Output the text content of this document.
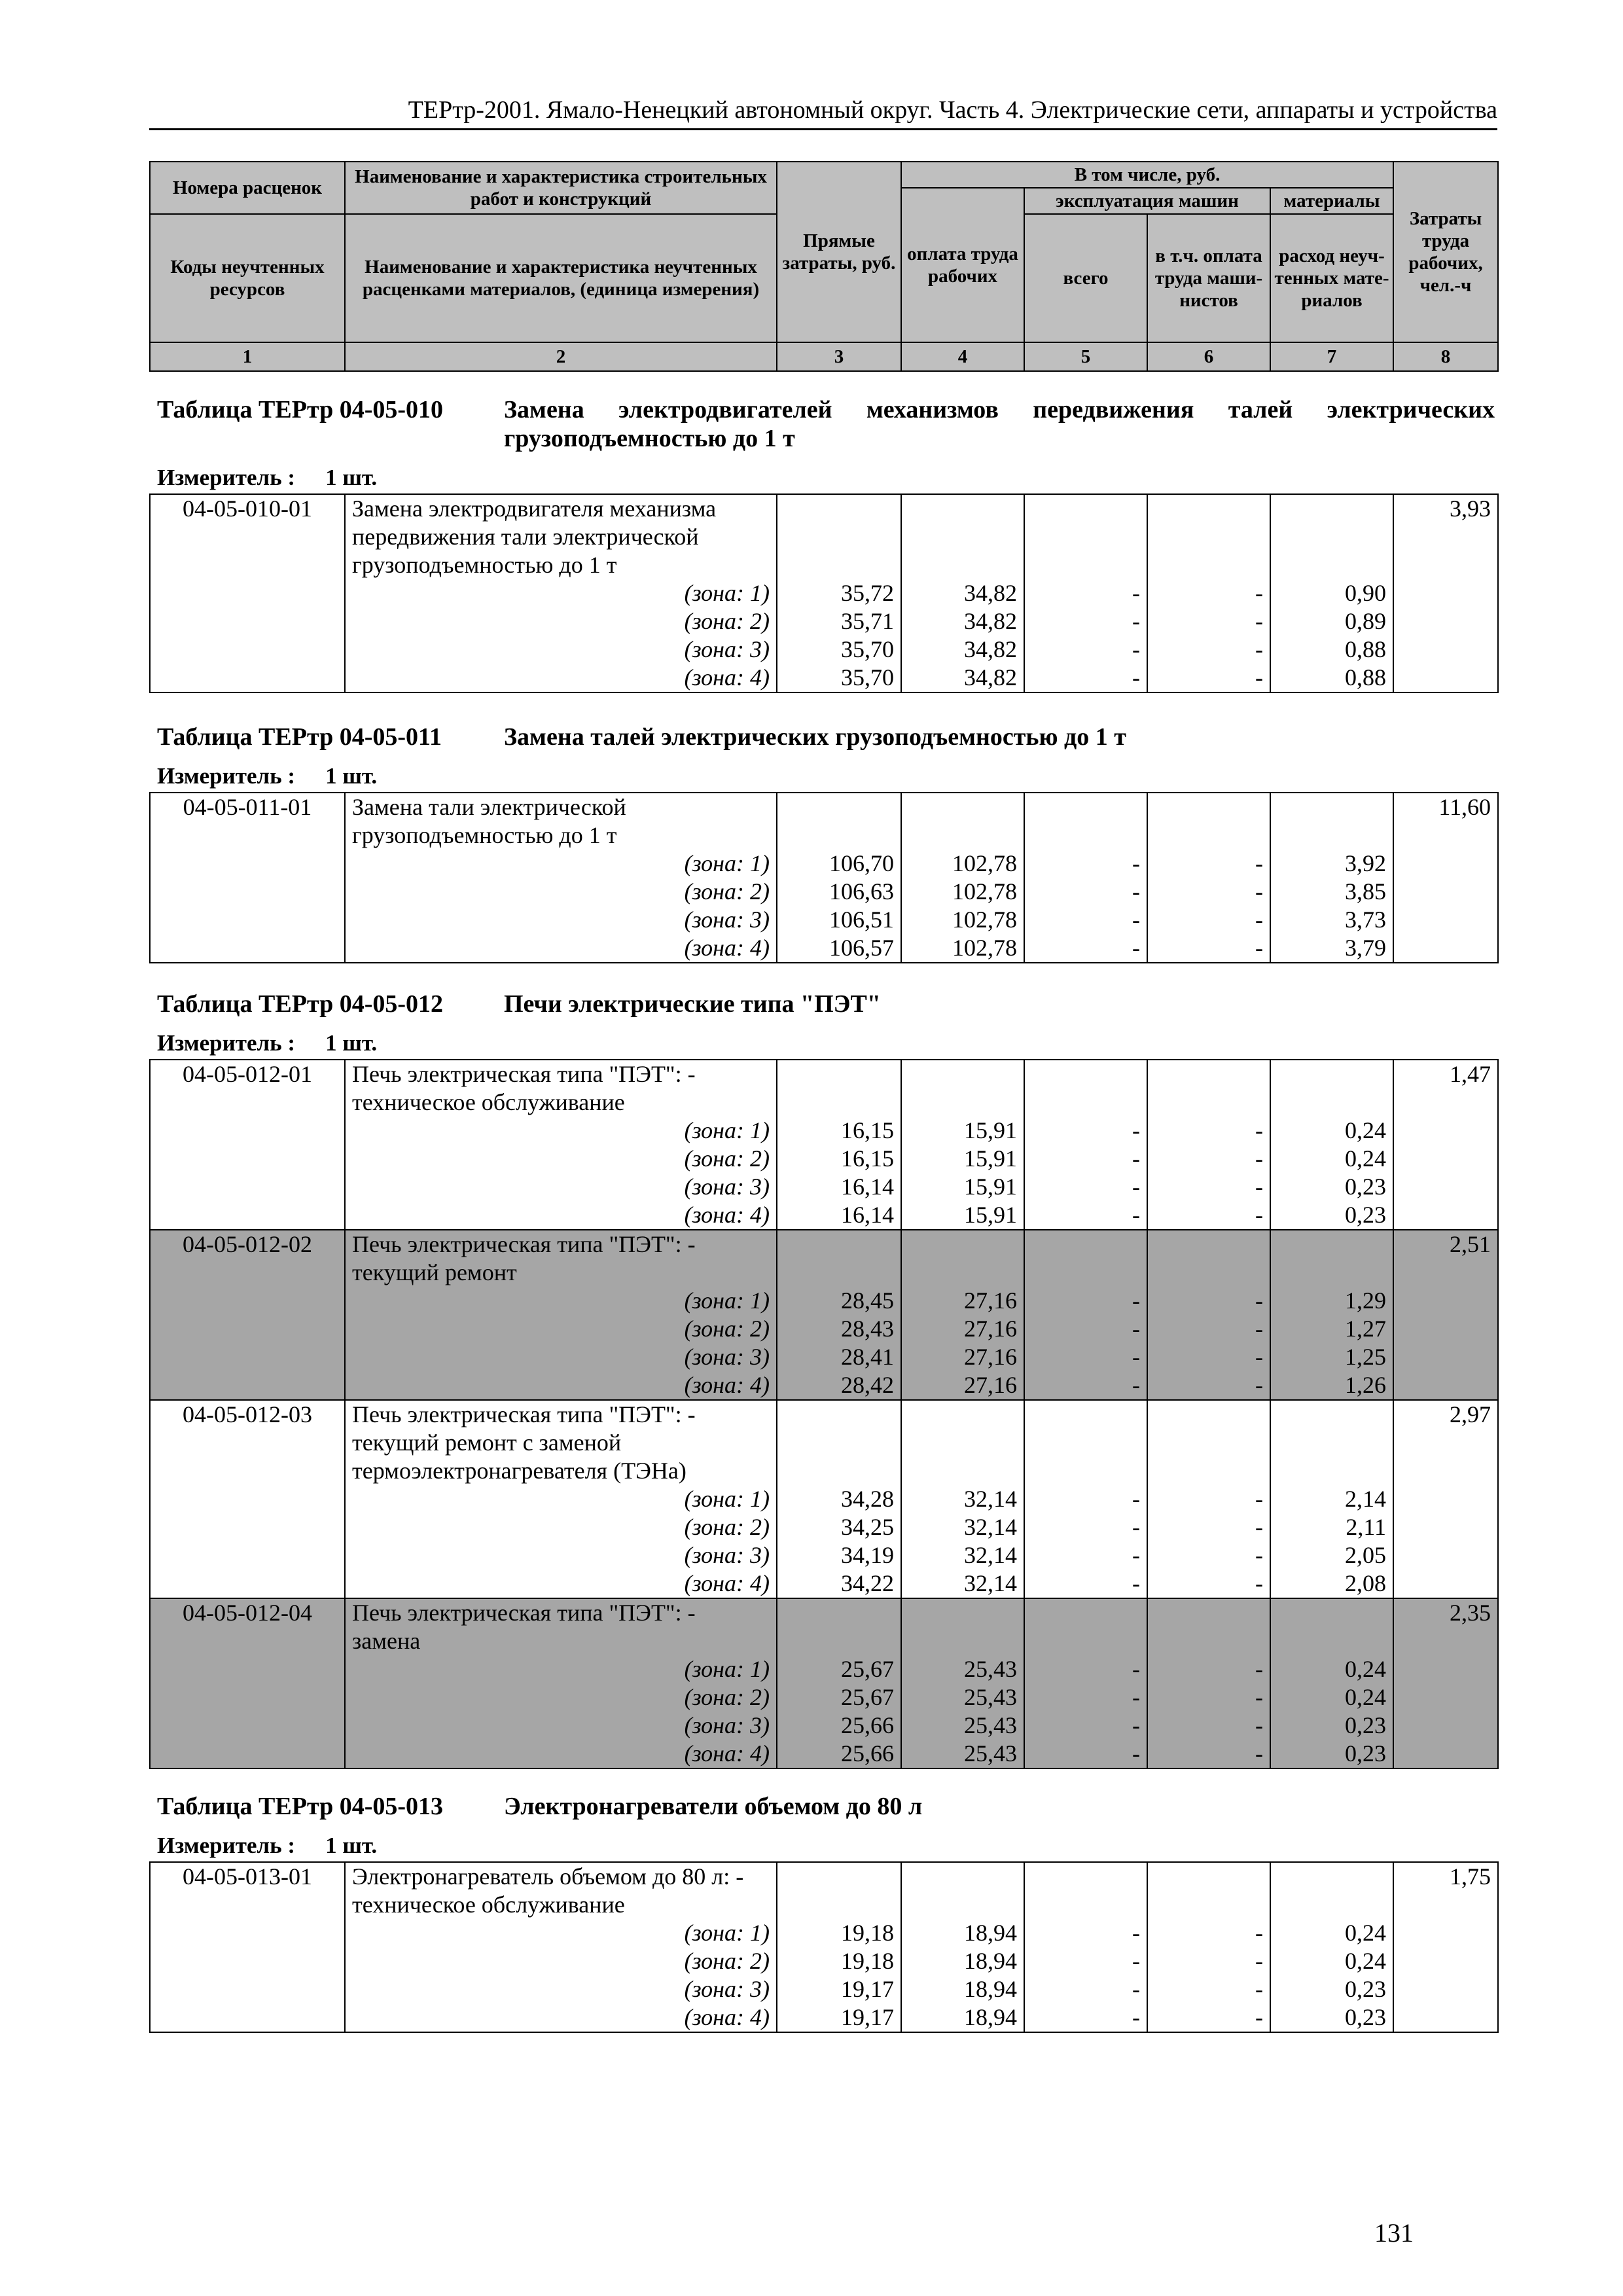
ТЕРтр-2001. Ямало-Ненецкий автономный округ. Часть 4. Электрические сети, аппараты и устройства
Номера расценок	Наименование и характеристика строительных работ и конструкций	Прямые затраты, руб.	В том числе, руб.				Затраты труда рабочих, чел.-ч
			оплата труда рабочих	эксплуатация машин		материалы	
Коды неучтенных ресурсов	Наименование и характеристика неучтенных расценками материалов, (единица измерения)			всего	в т.ч. оплата труда маши-нистов	расход неуч-тенных мате-риалов	
1	2	3	4	5	6	7	8
Таблица ТЕРтр 04-05-010	Замена электродвигателей механизмов передвижения талей электрических грузоподъемностью до 1 т
Измеритель : 1 шт.
04-05-010-01	Замена электродвигателя механизма						3,93
	передвижения тали электрической						
	грузоподъемностью до 1 т						
	(зона: 1)	35,72	34,82	-	-	0,90	
	(зона: 2)	35,71	34,82	-	-	0,89	
	(зона: 3)	35,70	34,82	-	-	0,88	
	(зона: 4)	35,70	34,82	-	-	0,88	
Таблица ТЕРтр 04-05-011	Замена талей электрических грузоподъемностью до 1 т
Измеритель : 1 шт.
04-05-011-01	Замена тали электрической						11,60
	грузоподъемностью до 1 т						
	(зона: 1)	106,70	102,78	-	-	3,92	
	(зона: 2)	106,63	102,78	-	-	3,85	
	(зона: 3)	106,51	102,78	-	-	3,73	
	(зона: 4)	106,57	102,78	-	-	3,79	
Таблица ТЕРтр 04-05-012	Печи электрические типа "ПЭТ"
Измеритель : 1 шт.
04-05-012-01	Печь электрическая типа "ПЭТ": -						1,47
	техническое обслуживание						
	(зона: 1)	16,15	15,91	-	-	0,24	
	(зона: 2)	16,15	15,91	-	-	0,24	
	(зона: 3)	16,14	15,91	-	-	0,23	
	(зона: 4)	16,14	15,91	-	-	0,23	
04-05-012-02	Печь электрическая типа "ПЭТ": -						2,51
	текущий ремонт						
	(зона: 1)	28,45	27,16	-	-	1,29	
	(зона: 2)	28,43	27,16	-	-	1,27	
	(зона: 3)	28,41	27,16	-	-	1,25	
	(зона: 4)	28,42	27,16	-	-	1,26	
04-05-012-03	Печь электрическая типа "ПЭТ": -						2,97
	текущий ремонт с заменой						
	термоэлектронагревателя (ТЭНа)						
	(зона: 1)	34,28	32,14	-	-	2,14	
	(зона: 2)	34,25	32,14	-	-	2,11	
	(зона: 3)	34,19	32,14	-	-	2,05	
	(зона: 4)	34,22	32,14	-	-	2,08	
04-05-012-04	Печь электрическая типа "ПЭТ": -						2,35
	замена						
	(зона: 1)	25,67	25,43	-	-	0,24	
	(зона: 2)	25,67	25,43	-	-	0,24	
	(зона: 3)	25,66	25,43	-	-	0,23	
	(зона: 4)	25,66	25,43	-	-	0,23	
Таблица ТЕРтр 04-05-013	Электронагреватели объемом до 80 л
Измеритель : 1 шт.
04-05-013-01	Электронагреватель объемом до 80 л: -						1,75
	техническое обслуживание						
	(зона: 1)	19,18	18,94	-	-	0,24	
	(зона: 2)	19,18	18,94	-	-	0,24	
	(зона: 3)	19,17	18,94	-	-	0,23	
	(зона: 4)	19,17	18,94	-	-	0,23	
131
